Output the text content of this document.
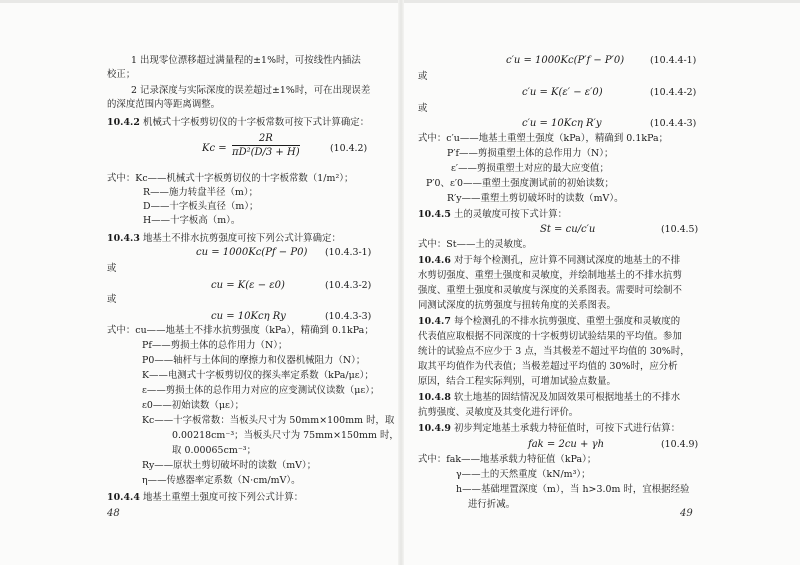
1 出现零位漂移超过满量程的±1%时，可按线性内插法
校正；
2 记录深度与实际深度的误差超过±1%时，可在出现误差
的深度范围内等距离调整。
10.4.2 机械式十字板剪切仪的十字板常数可按下式计算确定：
$Kc = \frac{2R}{\text{πD²(D/3 + H)}}$	(10.4.2)
式中：Kc——机械式十字板剪切仪的十字板常数（1/m²）；
R——施力转盘半径（m）；
D——十字板头直径（m）；
H——十字板高（m）。
10.4.3 地基土不排水抗剪强度可按下列公式计算确定：
cu = 1000Kc(Pf − P0) (10.4.3-1)
或
cu = K(ε − ε0)	(10.4.3-2)
或
cu = 10Kcη Ry	(10.4.3-3)
式中：cu——地基土不排水抗剪强度（kPa），精确到 0.1kPa；
Pf——剪损土体的总作用力（N）；
P0——轴杆与土体间的摩擦力和仪器机械阻力（N）；
K——电测式十字板剪切仪的探头率定系数（kPa/με）；
ε——剪损土体的总作用力对应的应变测试仪读数（με）；
ε0——初始读数（με）；
Kc——十字板常数：当板头尺寸为 50mm×100mm 时，取
0.00218cm⁻³；当板头尺寸为 75mm×150mm 时，
取 0.00065cm⁻³；
Ry——原状土剪切破坏时的读数（mV）；
η——传感器率定系数（N·cm/mV）。
10.4.4 地基土重塑土强度可按下列公式计算：
48
c′u = 1000Kc(P′f − P′0)	(10.4.4-1)
或
c′u = K(ε′ − ε′0)	(10.4.4-2)
或
c′u = 10Kcη R′y	(10.4.4-3)
式中：c′u——地基土重塑土强度（kPa），精确到 0.1kPa；
P′f——剪损重塑土体的总作用力（N）；
ε′——剪损重塑土对应的最大应变值；
P′0、ε′0——重塑土强度测试前的初始读数；
R′y——重塑土剪切破坏时的读数（mV）。
10.4.5 土的灵敏度可按下式计算：
St = cu/c′u	(10.4.5)
式中：St——土的灵敏度。
10.4.6 对于每个检测孔，应计算不同测试深度的地基土的不排
水剪切强度、重塑土强度和灵敏度，并绘制地基土的不排水抗剪
强度、重塑土强度和灵敏度与深度的关系图表。需要时可绘制不
同测试深度的抗剪强度与扭转角度的关系图表。
10.4.7 每个检测孔的不排水抗剪强度、重塑土强度和灵敏度的
代表值应取根据不同深度的十字板剪切试验结果的平均值。参加
统计的试验点不应少于 3 点，当其极差不超过平均值的 30%时，
取其平均值作为代表值；当极差超过平均值的 30%时，应分析
原因，结合工程实际判别，可增加试验点数量。
10.4.8 软土地基的固结情况及加固效果可根据地基土的不排水
抗剪强度、灵敏度及其变化进行评价。
10.4.9 初步判定地基土承载力特征值时，可按下式进行估算：
fak = 2cu + γh	(10.4.9)
式中：fak——地基承载力特征值（kPa）；
γ——土的天然重度（kN/m³）；
h——基础埋置深度（m），当 h>3.0m 时，宜根据经验
进行折减。
49
